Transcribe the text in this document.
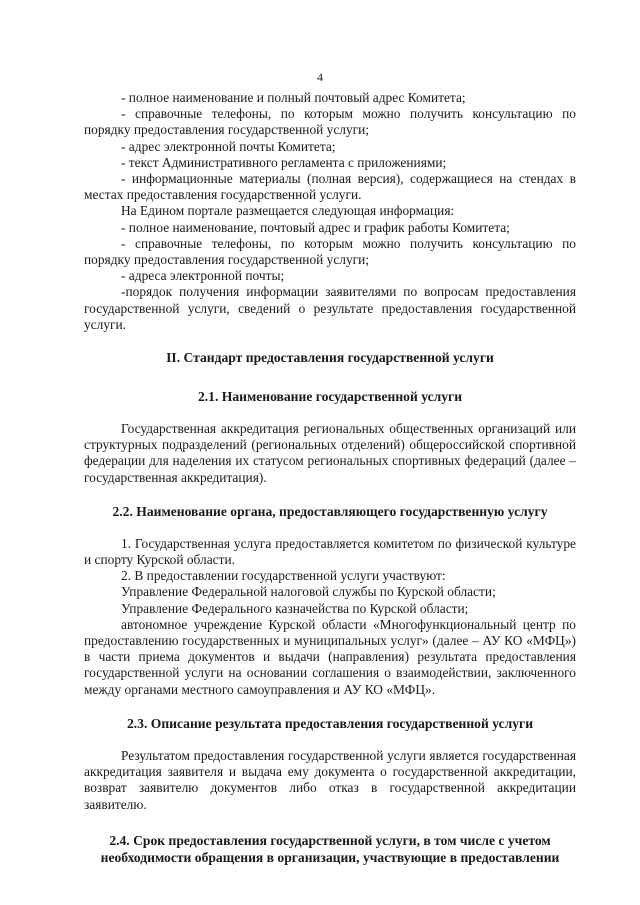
4

- полное наименование и полный почтовый адрес Комитета;

- справочные телефоны, по которым можно получить консультацию по порядку предоставления государственной услуги;

- адрес электронной почты Комитета;

- текст Административного регламента с приложениями;

- информационные материалы (полная версия), содержащиеся на стендах в местах предоставления государственной услуги.

На Едином портале размещается следующая информация:

- полное наименование, почтовый адрес и график работы Комитета;

- справочные телефоны, по которым можно получить консультацию по порядку предоставления государственной услуги;

- адреса электронной почты;

-порядок получения информации заявителями по вопросам предоставления государственной услуги, сведений о результате предоставления государственной услуги.

II. Стандарт предоставления государственной услуги

2.1. Наименование государственной услуги

Государственная аккредитация региональных общественных организаций или структурных подразделений (региональных отделений) общероссийской спортивной федерации для наделения их статусом региональных спортивных федераций (далее – государственная аккредитация).

2.2. Наименование органа, предоставляющего государственную услугу

1. Государственная услуга предоставляется комитетом по физической культуре и спорту Курской области.

2. В предоставлении государственной услуги участвуют:

Управление Федеральной налоговой службы по Курской области;

Управление Федерального казначейства по Курской области;

автономное учреждение Курской области «Многофункциональный центр по предоставлению государственных и муниципальных услуг» (далее – АУ КО «МФЦ») в части приема документов и выдачи (направления) результата предоставления государственной услуги на основании соглашения о взаимодействии, заключенного между органами местного самоуправления и АУ КО «МФЦ».

2.3. Описание результата предоставления государственной услуги

Результатом предоставления государственной услуги является государственная аккредитация заявителя и выдача ему документа о государственной аккредитации, возврат заявителю документов либо отказ в государственной аккредитации заявителю.

2.4. Срок предоставления государственной услуги, в том числе с учетом необходимости обращения в организации, участвующие в предоставлении
